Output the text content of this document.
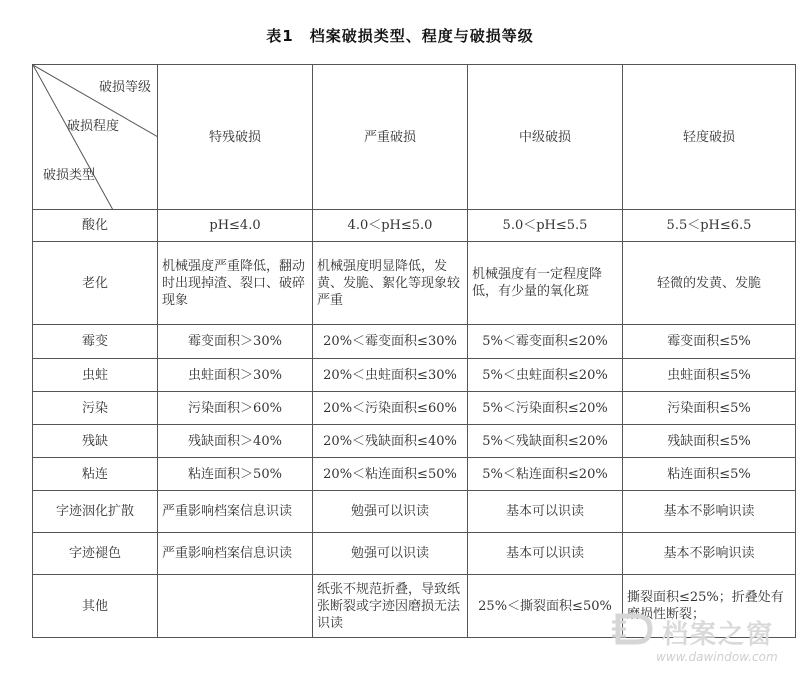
表1　档案破损类型、程度与破损等级
破损等级
破损程度
破损类型	特残破损	严重破损	中级破损	轻度破损
酸化	pH≤4.0	4.0＜pH≤5.0	5.0＜pH≤5.5	5.5＜pH≤6.5
老化	机械强度严重降低，翻动时出现掉渣、裂口、破碎现象	机械强度明显降低，发黄、发脆、絮化等现象较严重	机械强度有一定程度降低，有少量的氧化斑	轻微的发黄、发脆
霉变	霉变面积＞30%	20%＜霉变面积≤30%	5%＜霉变面积≤20%	霉变面积≤5%
虫蛀	虫蛀面积＞30%	20%＜虫蛀面积≤30%	5%＜虫蛀面积≤20%	虫蛀面积≤5%
污染	污染面积＞60%	20%＜污染面积≤60%	5%＜污染面积≤20%	污染面积≤5%
残缺	残缺面积＞40%	20%＜残缺面积≤40%	5%＜残缺面积≤20%	残缺面积≤5%
粘连	粘连面积＞50%	20%＜粘连面积≤50%	5%＜粘连面积≤20%	粘连面积≤5%
字迹洇化扩散	严重影响档案信息识读	勉强可以识读	基本可以识读	基本不影响识读
字迹褪色	严重影响档案信息识读	勉强可以识读	基本可以识读	基本不影响识读
其他		纸张不规范折叠，导致纸张断裂或字迹因磨损无法识读	25%＜撕裂面积≤50%	撕裂面积≤25%；折叠处有磨损性断裂；
档案之窗
www.dawindow.com
